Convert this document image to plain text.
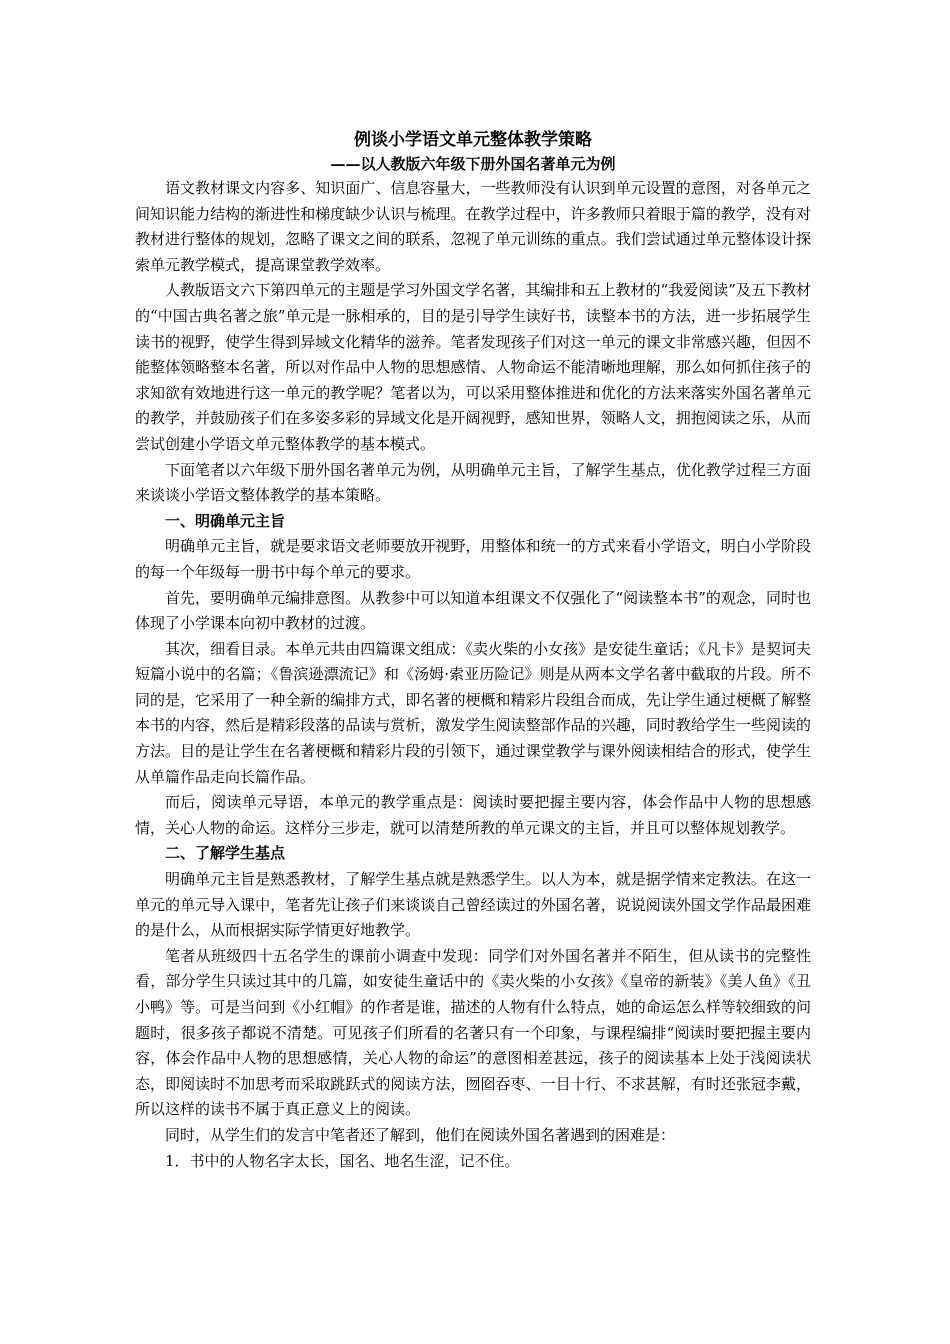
例谈小学语文单元整体教学策略
——以人教版六年级下册外国名著单元为例

语文教材课文内容多、知识面广、信息容量大，一些教师没有认识到单元设置的意图，对各单元之间知识能力结构的渐进性和梯度缺少认识与梳理。在教学过程中，许多教师只着眼于篇的教学，没有对教材进行整体的规划，忽略了课文之间的联系，忽视了单元训练的重点。我们尝试通过单元整体设计探索单元教学模式，提高课堂教学效率。

人教版语文六下第四单元的主题是学习外国文学名著，其编排和五上教材的“我爱阅读”及五下教材的“中国古典名著之旅”单元是一脉相承的，目的是引导学生读好书，读整本书的方法，进一步拓展学生读书的视野，使学生得到异域文化精华的滋养。笔者发现孩子们对这一单元的课文非常感兴趣，但因不能整体领略整本名著，所以对作品中人物的思想感情、人物命运不能清晰地理解，那么如何抓住孩子的求知欲有效地进行这一单元的教学呢？笔者以为，可以采用整体推进和优化的方法来落实外国名著单元的教学，并鼓励孩子们在多姿多彩的异域文化是开阔视野，感知世界，领略人文，拥抱阅读之乐，从而尝试创建小学语文单元整体教学的基本模式。

下面笔者以六年级下册外国名著单元为例，从明确单元主旨，了解学生基点，优化教学过程三方面来谈谈小学语文整体教学的基本策略。

一、明确单元主旨

明确单元主旨，就是要求语文老师要放开视野，用整体和统一的方式来看小学语文，明白小学阶段的每一个年级每一册书中每个单元的要求。

首先，要明确单元编排意图。从教参中可以知道本组课文不仅强化了“阅读整本书”的观念，同时也体现了小学课本向初中教材的过渡。

其次，细看目录。本单元共由四篇课文组成：《卖火柴的小女孩》是安徒生童话；《凡卡》是契诃夫短篇小说中的名篇；《鲁滨逊漂流记》和《汤姆·索亚历险记》则是从两本文学名著中截取的片段。所不同的是，它采用了一种全新的编排方式，即名著的梗概和精彩片段组合而成，先让学生通过梗概了解整本书的内容，然后是精彩段落的品读与赏析，激发学生阅读整部作品的兴趣，同时教给学生一些阅读的方法。目的是让学生在名著梗概和精彩片段的引领下，通过课堂教学与课外阅读相结合的形式，使学生从单篇作品走向长篇作品。

而后，阅读单元导语，本单元的教学重点是：阅读时要把握主要内容，体会作品中人物的思想感情，关心人物的命运。这样分三步走，就可以清楚所教的单元课文的主旨，并且可以整体规划教学。

二、了解学生基点

明确单元主旨是熟悉教材，了解学生基点就是熟悉学生。以人为本，就是据学情来定教法。在这一单元的单元导入课中，笔者先让孩子们来谈谈自己曾经读过的外国名著，说说阅读外国文学作品最困难的是什么，从而根据实际学情更好地教学。

笔者从班级四十五名学生的课前小调查中发现：同学们对外国名著并不陌生，但从读书的完整性看，部分学生只读过其中的几篇，如安徒生童话中的《卖火柴的小女孩》《皇帝的新装》《美人鱼》《丑小鸭》等。可是当问到《小红帽》的作者是谁，描述的人物有什么特点，她的命运怎么样等较细致的问题时，很多孩子都说不清楚。可见孩子们所看的名著只有一个印象，与课程编排“阅读时要把握主要内容，体会作品中人物的思想感情，关心人物的命运”的意图相差甚远，孩子的阅读基本上处于浅阅读状态，即阅读时不加思考而采取跳跃式的阅读方法，囫囵吞枣、一目十行、不求甚解，有时还张冠李戴，所以这样的读书不属于真正意义上的阅读。

同时，从学生们的发言中笔者还了解到，他们在阅读外国名著遇到的困难是：

1．书中的人物名字太长，国名、地名生涩，记不住。
